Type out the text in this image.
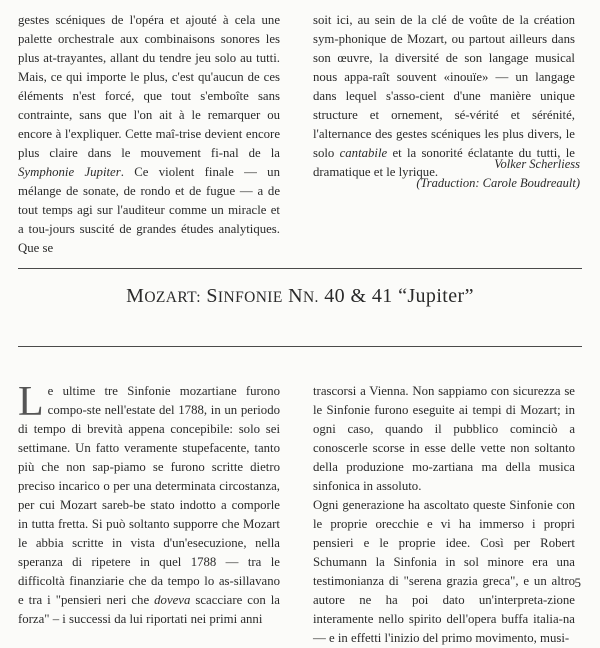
gestes scéniques de l'opéra et ajouté à cela une palette orchestrale aux combinaisons sonores les plus at-trayantes, allant du tendre jeu solo au tutti. Mais, ce qui importe le plus, c'est qu'aucun de ces éléments n'est forcé, que tout s'emboîte sans contrainte, sans que l'on ait à le remarquer ou encore à l'expliquer. Cette maî-trise devient encore plus claire dans le mouvement fi-nal de la Symphonie Jupiter. Ce violent finale — un mélange de sonate, de rondo et de fugue — a de tout temps agi sur l'auditeur comme un miracle et a tou-jours suscité de grandes études analytiques. Que se

soit ici, au sein de la clé de voûte de la création sym-phonique de Mozart, ou partout ailleurs dans son œuvre, la diversité de son langage musical nous appa-raît souvent «inouïe» — un langage dans lequel s'asso-cient d'une manière unique structure et ornement, sé-vérité et sérénité, l'alternance des gestes scéniques les plus divers, le solo cantabile et la sonorité éclatante du tutti, le dramatique et le lyrique.

Volker Scherliess
(Traduction: Carole Boudreault)
MOZART: SINFONIE NN. 40 & 41 “Jupiter”

Le ultime tre Sinfonie mozartiane furono compo-ste nell'estate del 1788, in un periodo di tempo di brevità appena concepibile: solo sei settimane. Un fatto veramente stupefacente, tanto più che non sap-piamo se furono scritte dietro preciso incarico o per una determinata circostanza, per cui Mozart sareb-be stato indotto a comporle in tutta fretta. Si può soltanto supporre che Mozart le abbia scritte in vista d'un'esecuzione, nella speranza di ripetere in quel 1788 — tra le difficoltà finanziarie che da tempo lo as-sillavano e tra i "pensieri neri che doveva scacciare con la forza" – i successi da lui riportati nei primi anni

trascorsi a Vienna. Non sappiamo con sicurezza se le Sinfonie furono eseguite ai tempi di Mozart; in ogni caso, quando il pubblico cominciò a conoscerle scorse in esse delle vette non soltanto della produzione mo-zartiana ma della musica sinfonica in assoluto.

Ogni generazione ha ascoltato queste Sinfonie con le proprie orecchie e vi ha immerso i propri pensieri e le proprie idee. Così per Robert Schumann la Sinfonia in sol minore era una testimonianza di "serena grazia greca", e un altro autore ne ha poi dato un'interpreta-zione interamente nello spirito dell'opera buffa italia-na — e in effetti l'inizio del primo movimento, musi-

5
